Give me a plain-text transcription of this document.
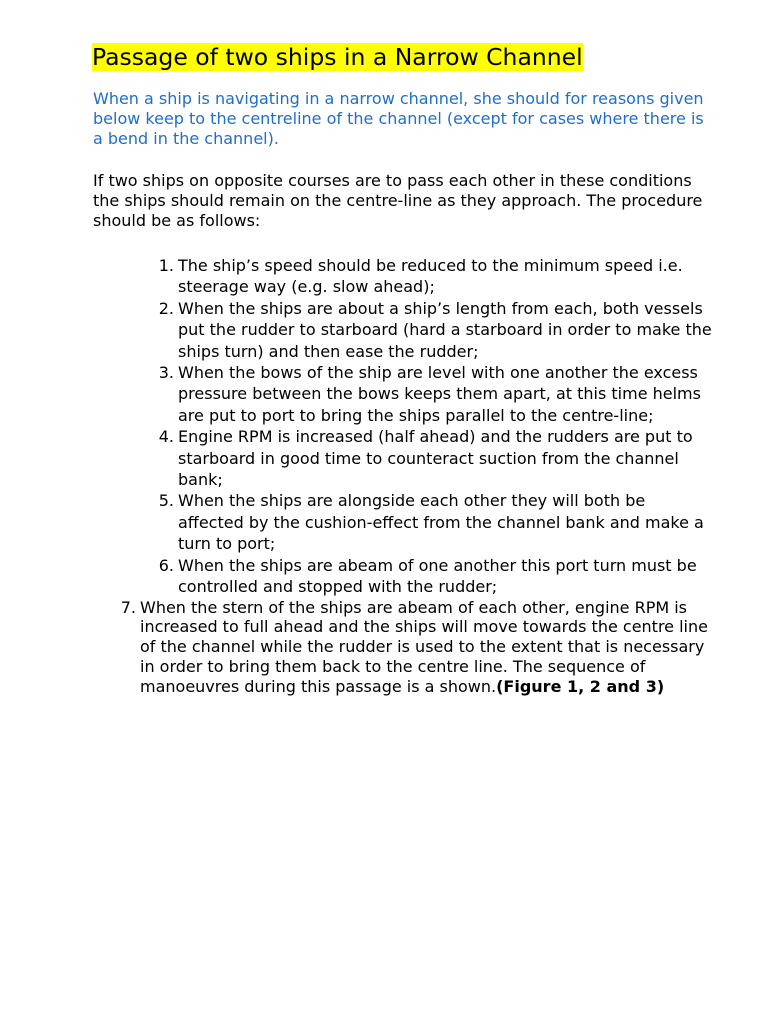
Passage of two ships in a Narrow Channel

When a ship is navigating in a narrow channel, she should for reasons given below keep to the centreline of the channel (except for cases where there is a bend in the channel).

If two ships on opposite courses are to pass each other in these conditions the ships should remain on the centre-line as they approach. The procedure should be as follows:

1. The ship’s speed should be reduced to the minimum speed i.e. steerage way (e.g. slow ahead);
2. When the ships are about a ship’s length from each, both vessels put the rudder to starboard (hard a starboard in order to make the ships turn) and then ease the rudder;
3. When the bows of the ship are level with one another the excess pressure between the bows keeps them apart, at this time helms are put to port to bring the ships parallel to the centre-line;
4. Engine RPM is increased (half ahead) and the rudders are put to starboard in good time to counteract suction from the channel bank;
5. When the ships are alongside each other they will both be affected by the cushion-effect from the channel bank and make a turn to port;
6. When the ships are abeam of one another this port turn must be controlled and stopped with the rudder;
7. When the stern of the ships are abeam of each other, engine RPM is increased to full ahead and the ships will move towards the centre line of the channel while the rudder is used to the extent that is necessary in order to bring them back to the centre line. The sequence of manoeuvres during this passage is a shown.(Figure 1, 2 and 3)
